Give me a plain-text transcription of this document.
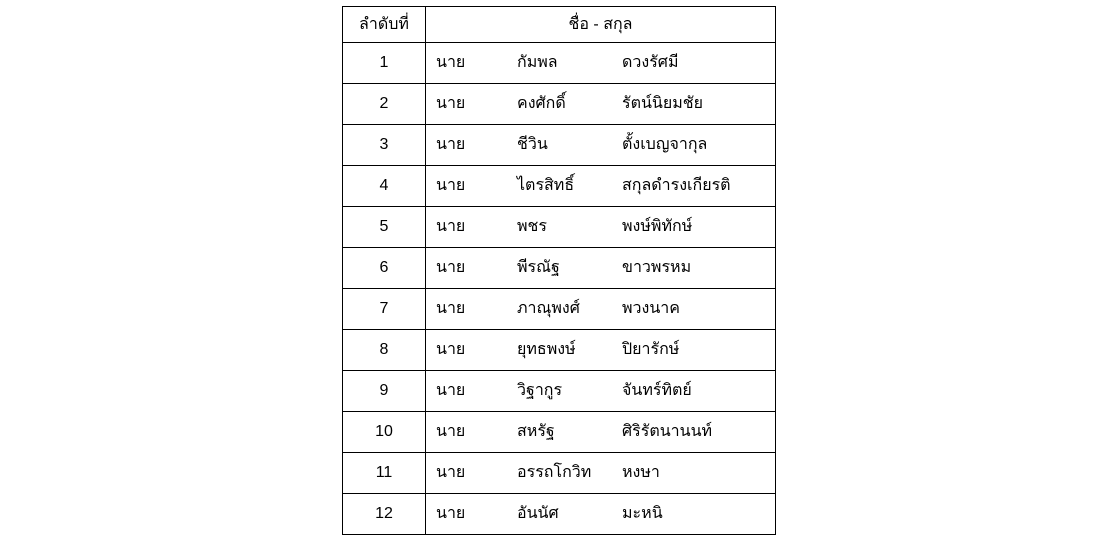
ลำดับที่	ชื่อ - สกุล

1	นาย กัมพล ดวงรัศมี

2	นาย คงศักดิ์ รัตน์นิยมชัย

3	นาย ชีวิน ตั้งเบญจากุล

4	นาย ไตรสิทธิ์ สกุลดำรงเกียรติ

5	นาย พชร พงษ์พิทักษ์

6	นาย พีรณัฐ ขาวพรหม

7	นาย ภาณุพงศ์ พวงนาค

8	นาย ยุทธพงษ์ ปิยารักษ์

9	นาย วิฐากูร จันทร์ทิตย์

10	นาย สหรัฐ ศิริรัตนานนท์

11	นาย อรรถโกวิท หงษา

12	นาย อันนัศ มะหนิ
